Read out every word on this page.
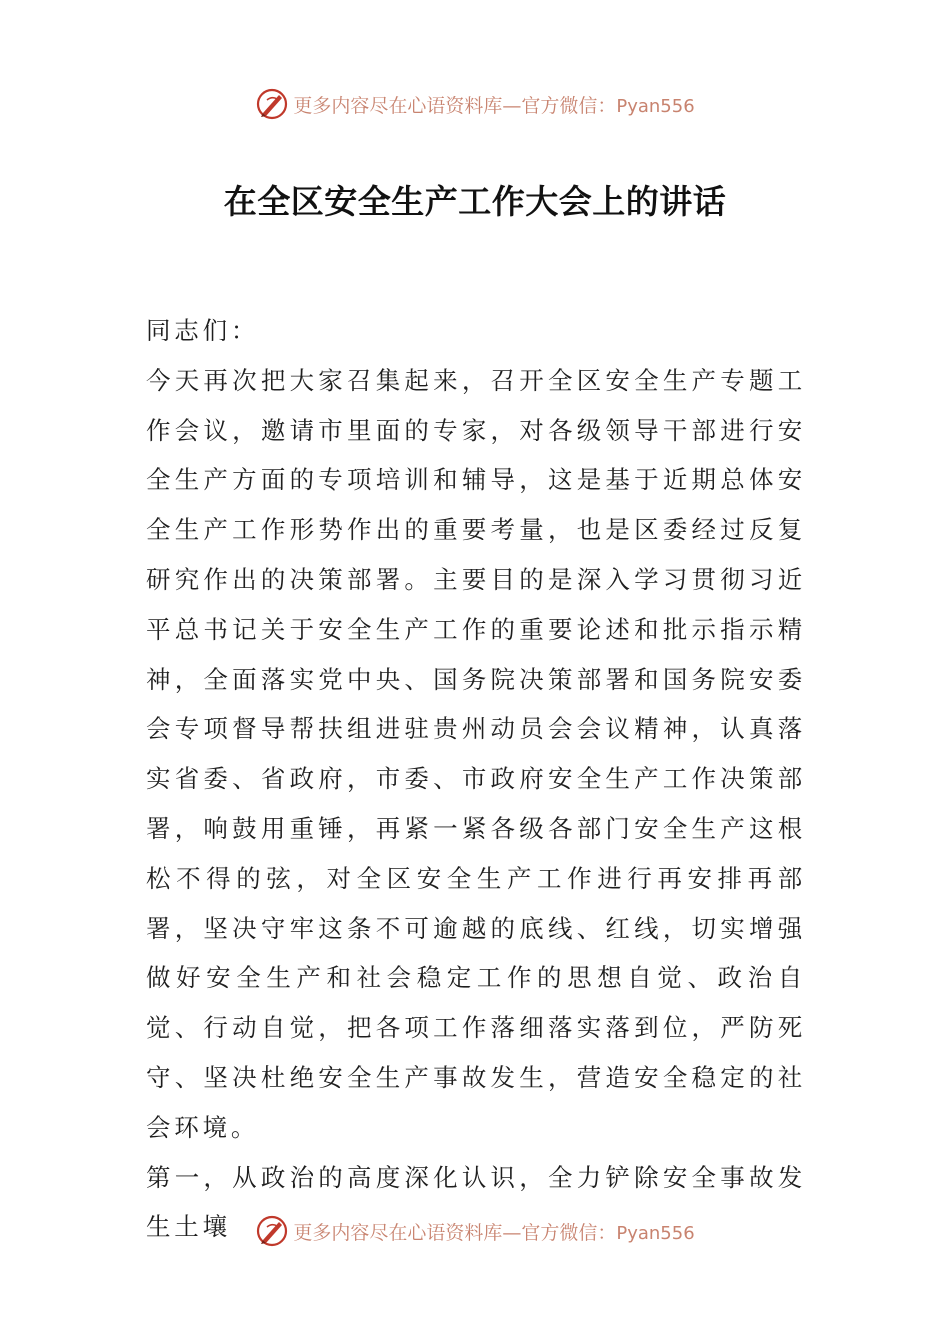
更多内容尽在心语资料库—官方微信：Pyan556
在全区安全生产工作大会上的讲话

同志们：

今天再次把大家召集起来，召开全区安全生产专题工作会议，邀请市里面的专家，对各级领导干部进行安全生产方面的专项培训和辅导，这是基于近期总体安全生产工作形势作出的重要考量，也是区委经过反复研究作出的决策部署。主要目的是深入学习贯彻习近平总书记关于安全生产工作的重要论述和批示指示精神，全面落实党中央、国务院决策部署和国务院安委会专项督导帮扶组进驻贵州动员会会议精神，认真落实省委、省政府，市委、市政府安全生产工作决策部署，响鼓用重锤，再紧一紧各级各部门安全生产这根松不得的弦，对全区安全生产工作进行再安排再部署，坚决守牢这条不可逾越的底线、红线，切实增强做好安全生产和社会稳定工作的思想自觉、政治自觉、行动自觉，把各项工作落细落实落到位，严防死守、坚决杜绝安全生产事故发生，营造安全稳定的社会环境。

第一，从政治的高度深化认识，全力铲除安全事故发生土壤	更多内容尽在心语资料库—官方微信：Pyan556
